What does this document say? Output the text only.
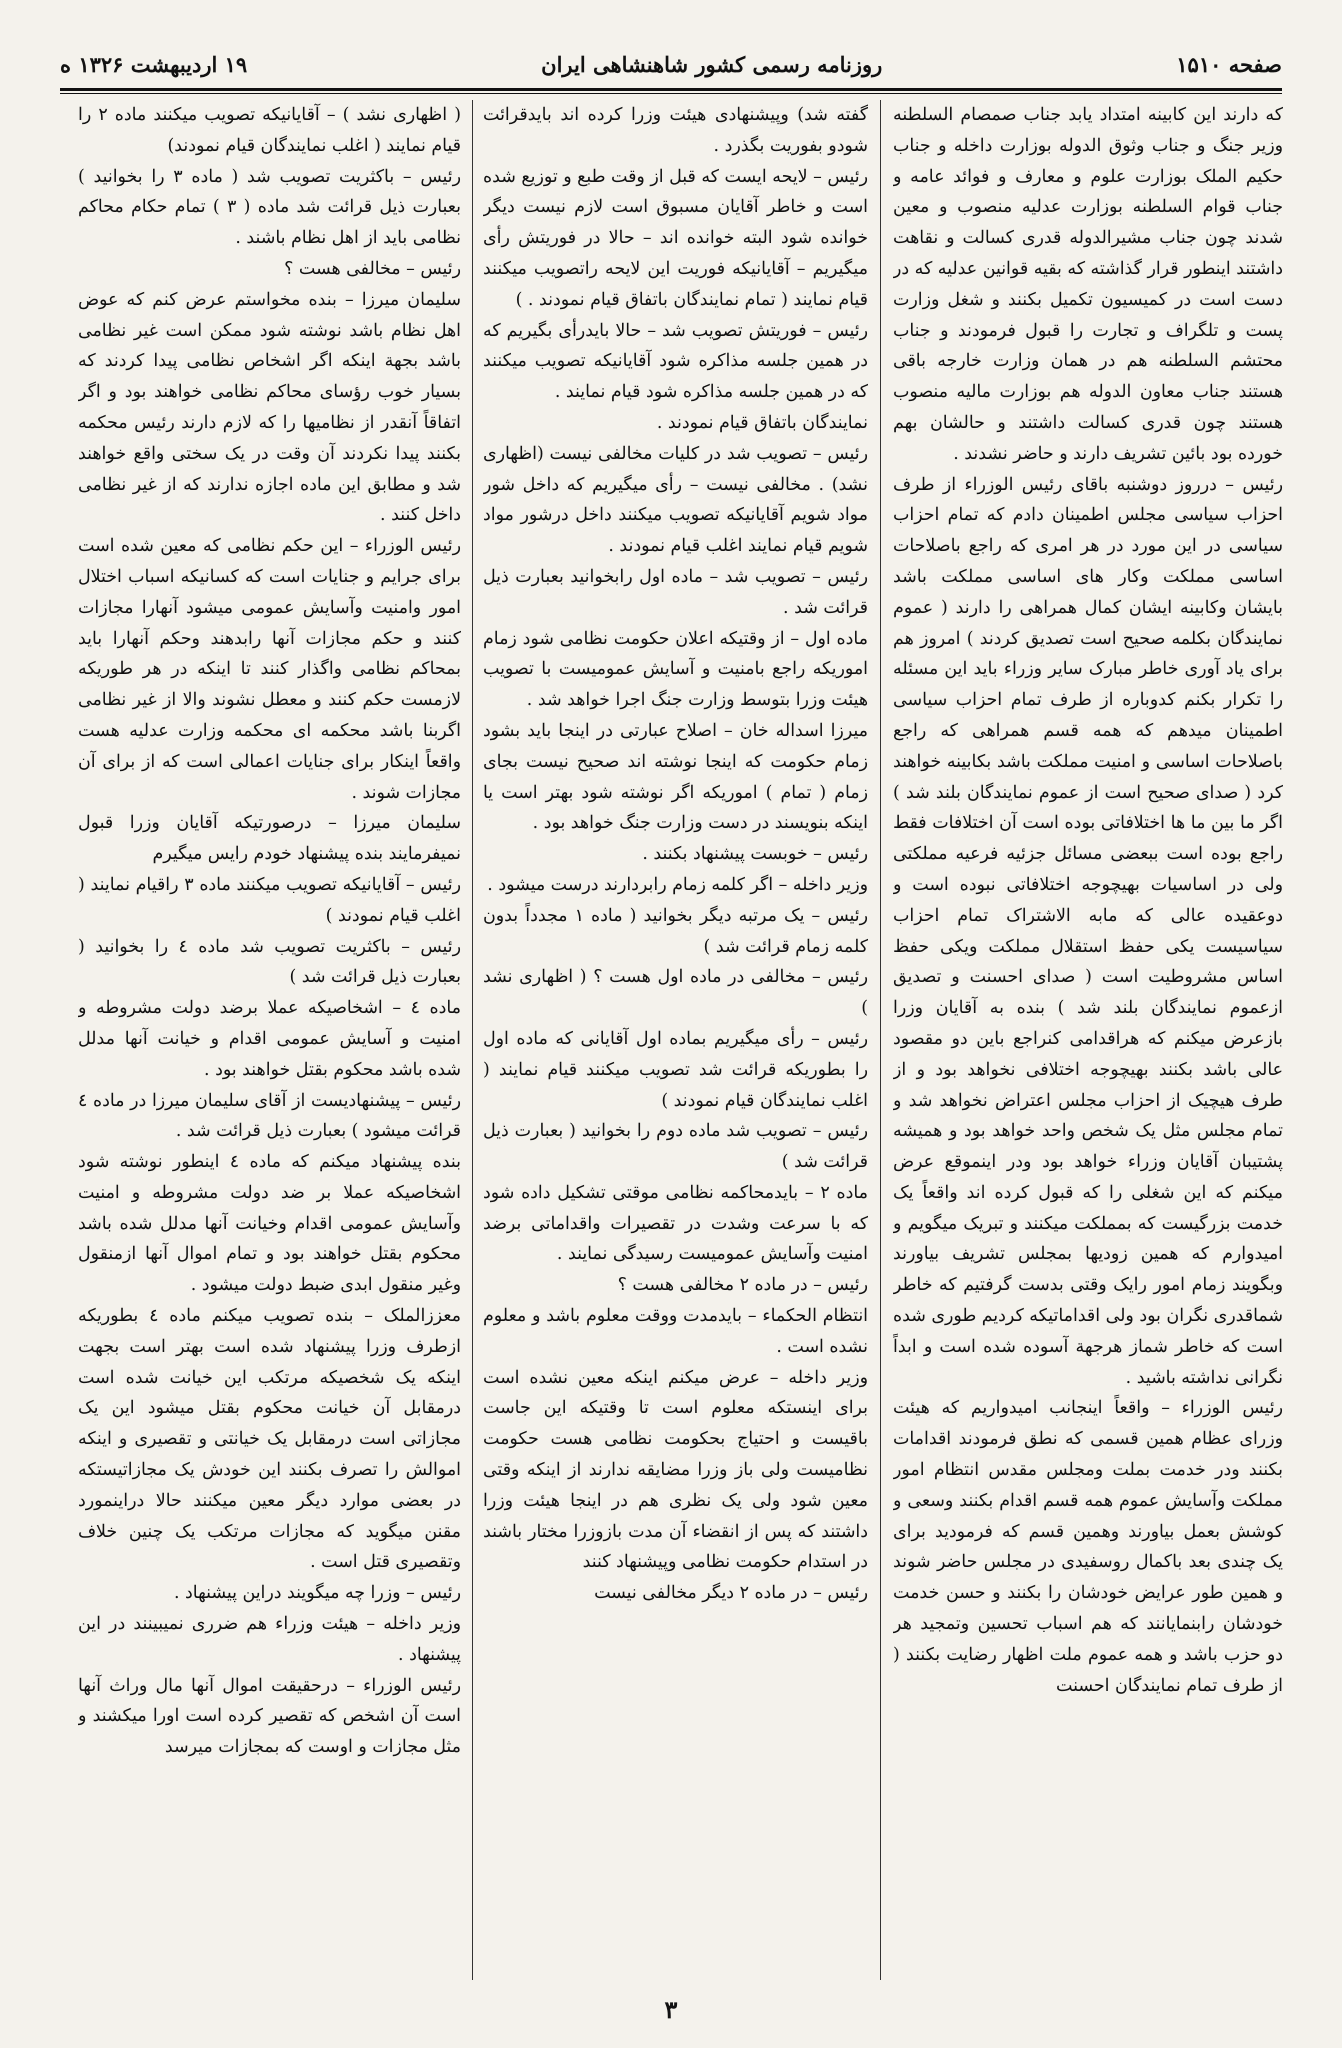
صفحه ۱۵۱۰
روزنامه رسمی کشور شاهنشاهی ایران
۱۹ اردیبهشت ۱۳۲۶ ه

که دارند این کابینه امتداد یابد جناب صمصام السلطنه وزیر جنگ و جناب وثوق الدوله بوزارت داخله و جناب حکیم الملک بوزارت علوم و معارف و فوائد عامه و جناب قوام السلطنه بوزارت عدلیه منصوب و معین شدند چون جناب مشیرالدوله قدری کسالت و نقاهت داشتند اینطور قرار گذاشته که بقیه قوانین عدلیه که در دست است در کمیسیون تکمیل بکنند و شغل وزارت پست و تلگراف و تجارت را قبول فرمودند و جناب محتشم السلطنه هم در همان وزارت خارجه باقی هستند جناب معاون الدوله هم بوزارت مالیه منصوب هستند چون قدری کسالت داشتند و حالشان بهم خورده بود بائین تشریف دارند و حاضر نشدند .

رئیس – درروز دوشنبه باقای رئیس الوزراء از طرف احزاب سیاسی مجلس اطمینان دادم که تمام احزاب سیاسی در این مورد در هر امری که راجع باصلاحات اساسی مملکت وکار های اساسی مملکت باشد بایشان وکابینه ایشان کمال همراهی را دارند ( عموم نمایندگان بکلمه صحیح است تصدیق کردند ) امروز هم برای یاد آوری خاطر مبارک سایر وزراء باید این مسئله را تکرار بکنم کدوباره از طرف تمام احزاب سیاسی اطمینان میدهم که همه قسم همراهی که راجع باصلاحات اساسی و امنیت مملکت باشد بکابینه خواهند کرد ( صدای صحیح است از عموم نمایندگان بلند شد ) اگر ما بین ما ها اختلافاتی بوده است آن اختلافات فقط راجع بوده است ببعضی مسائل جزئیه فرعیه مملکتی ولی در اساسیات بهیچوجه اختلافاتی نبوده است و دوعقیده عالی که مابه الاشتراک تمام احزاب سیاسیست یکی حفظ استقلال مملکت ویکی حفظ اساس مشروطیت است ( صدای احسنت و تصدیق ازعموم نمایندگان بلند شد ) بنده به آقایان وزرا بازعرض میکنم که هراقدامی کنراجع باین دو مقصود عالی باشد بکنند بهیچوجه اختلافی نخواهد بود و از طرف هیچیک از احزاب مجلس اعتراض نخواهد شد و تمام مجلس مثل یک شخص واحد خواهد بود و همیشه پشتیبان آقایان وزراء خواهد بود ودر اینموقع عرض میکنم که این شغلی را که قبول کرده اند واقعاً یک خدمت بزرگیست که بمملکت میکنند و تبریک میگویم و امیدوارم که همین زودیها بمجلس تشریف بیاورند وبگویند زمام امور رایک وقتی بدست گرفتیم که خاطر شماقدری نگران بود ولی اقداماتیکه کردیم طوری شده است که خاطر شماز هرجهة آسوده شده است و ابداً نگرانی نداشته باشید .

رئیس الوزراء – واقعاً اینجانب امیدواریم که هیئت وزرای عظام همین قسمی که نطق فرمودند اقدامات بکنند ودر خدمت بملت ومجلس مقدس انتظام امور مملکت وآسایش عموم همه قسم اقدام بکنند وسعی و کوشش بعمل بیاورند وهمین قسم که فرمودید برای یک چندی بعد باکمال روسفیدی در مجلس حاضر شوند و همین طور عرایض خودشان را بکنند و حسن خدمت خودشان رابنمایانند که هم اسباب تحسین وتمجید هر دو حزب باشد و همه عموم ملت اظهار رضایت بکنند ( از طرف تمام نمایندگان احسنت

گفته شد) وپیشنهادی هیئت وزرا کرده اند بایدقرائت شودو بفوریت بگذرد .

رئیس – لایحه ایست که قبل از وقت طبع و توزیع شده است و خاطر آقایان مسبوق است لازم نیست دیگر خوانده شود البته خوانده اند – حالا در فوریتش رأی میگیریم – آقایانیکه فوریت این لایحه راتصویب میکنند قیام نمایند ( تمام نمایندگان باتفاق قیام نمودند . )

رئیس – فوریتش تصویب شد – حالا بایدرأی بگیریم که در همین جلسه مذاکره شود آقایانیکه تصویب میکنند که در همین جلسه مذاکره شود قیام نمایند .

نمایندگان باتفاق قیام نمودند .

رئیس – تصویب شد در کلیات مخالفی نیست (اظهاری نشد) . مخالفی نیست – رأی میگیریم که داخل شور مواد شویم آقایانیکه تصویب میکنند داخل درشور مواد شویم قیام نمایند اغلب قیام نمودند .

رئیس – تصویب شد – ماده اول رابخوانید بعبارت ذیل قرائت شد .

ماده اول – از وقتیکه اعلان حکومت نظامی شود زمام اموریکه راجع بامنیت و آسایش عمومیست با تصویب هیئت وزرا بتوسط وزارت جنگ اجرا خواهد شد .

میرزا اسداله خان – اصلاح عبارتی در اینجا باید بشود زمام حکومت که اینجا نوشته اند صحیح نیست بجای زمام ( تمام ) اموریکه اگر نوشته شود بهتر است یا اینکه بنویسند در دست وزارت جنگ خواهد بود .

رئیس – خوبست پیشنهاد بکنند .

وزیر داخله – اگر کلمه زمام رابردارند درست میشود .

رئیس – یک مرتبه دیگر بخوانید ( ماده ۱ مجدداً بدون کلمه زمام قرائت شد )

رئیس – مخالفی در ماده اول هست ؟ ( اظهاری نشد )

رئیس – رأی میگیریم بماده اول آقایانی که ماده اول را بطوریکه قرائت شد تصویب میکنند قیام نمایند ( اغلب نمایندگان قیام نمودند )

رئیس – تصویب شد ماده دوم را بخوانید ( بعبارت ذیل قرائت شد )

ماده ۲ – بایدمحاکمه نظامی موقتی تشکیل داده شود که با سرعت وشدت در تقصیرات واقداماتی برضد امنیت وآسایش عمومیست رسیدگی نمایند .

رئیس – در ماده ۲ مخالفی هست ؟

انتظام الحکماء – بایدمدت ووقت معلوم باشد و معلوم نشده است .

وزیر داخله – عرض میکنم اینکه معین نشده است برای اینستکه معلوم است تا وقتیکه این جاست باقیست و احتیاج بحکومت نظامی هست حکومت نظامیست ولی باز وزرا مضایقه ندارند از اینکه وقتی معین شود ولی یک نظری هم در اینجا هیئت وزرا داشتند که پس از انقضاء آن مدت بازوزرا مختار باشند در استدام حکومت نظامی وپیشنهاد کنند

رئیس – در ماده ۲ دیگر مخالفی نیست

( اظهاری نشد ) – آقایانیکه تصویب میکنند ماده ۲ را قیام نمایند ( اغلب نمایندگان قیام نمودند)

رئیس – باکثریت تصویب شد ( ماده ۳ را بخوانید ) بعبارت ذیل قرائت شد ماده ( ۳ ) تمام حکام محاکم نظامی باید از اهل نظام باشند .

رئیس – مخالفی هست ؟

سلیمان میرزا – بنده مخواستم عرض کنم که عوض اهل نظام باشد نوشته شود ممکن است غیر نظامی باشد بجهة اینکه اگر اشخاص نظامی پیدا کردند که بسیار خوب رؤسای محاکم نظامی خواهند بود و اگر اتفاقاً آنقدر از نظامیها را که لازم دارند رئیس محکمه بکنند پیدا نکردند آن وقت در یک سختی واقع خواهند شد و مطابق این ماده اجازه ندارند که از غیر نظامی داخل کنند .

رئیس الوزراء – این حکم نظامی که معین شده است برای جرایم و جنایات است که کسانیکه اسباب اختلال امور وامنیت وآسایش عمومی میشود آنهارا مجازات کنند و حکم مجازات آنها رابدهند وحکم آنهارا باید بمحاکم نظامی واگذار کنند تا اینکه در هر طوریکه لازمست حکم کنند و معطل نشوند والا از غیر نظامی اگربنا باشد محکمه ای محکمه وزارت عدلیه هست واقعاً اینکار برای جنایات اعمالی است که از برای آن مجازات شوند .

سلیمان میرزا – درصورتیکه آقایان وزرا قبول نمیفرمایند بنده پیشنهاد خودم رایس میگیرم

رئیس – آقایانیکه تصویب میکنند ماده ۳ راقیام نمایند ( اغلب قیام نمودند )

رئیس – باکثریت تصویب شد ماده ٤ را بخوانید ( بعبارت ذیل قرائت شد )

ماده ٤ – اشخاصیکه عملا برضد دولت مشروطه و امنیت و آسایش عمومی اقدام و خیانت آنها مدلل شده باشد محکوم بقتل خواهند بود .

رئیس – پیشنهادیست از آقای سلیمان میرزا در ماده ٤ قرائت میشود ) بعبارت ذیل قرائت شد .

بنده پیشنهاد میکنم که ماده ٤ اینطور نوشته شود اشخاصیکه عملا بر ضد دولت مشروطه و امنیت وآسایش عمومی اقدام وخیانت آنها مدلل شده باشد محکوم بقتل خواهند بود و تمام اموال آنها ازمنقول وغیر منقول ابدی ضبط دولت میشود .

معززالملک – بنده تصویب میکنم ماده ٤ بطوریکه ازطرف وزرا پیشنهاد شده است بهتر است بجهت اینکه یک شخصیکه مرتکب این خیانت شده است درمقابل آن خیانت محکوم بقتل میشود این یک مجازاتی است درمقابل یک خیانتی و تقصیری و اینکه اموالش را تصرف بکنند این خودش یک مجازاتیستکه در بعضی موارد دیگر معین میکنند حالا دراینمورد مقنن میگوید که مجازات مرتکب یک چنین خلاف وتقصیری قتل است .

رئیس – وزرا چه میگویند دراین پیشنهاد .

وزیر داخله – هیئت وزراء هم ضرری نمیبینند در این پیشنهاد .

رئیس الوزراء – درحقیقت اموال آنها مال وراث آنها است آن اشخص که تقصیر کرده است اورا میکشند و مثل مجازات و اوست که بمجازات میرسد

۳
